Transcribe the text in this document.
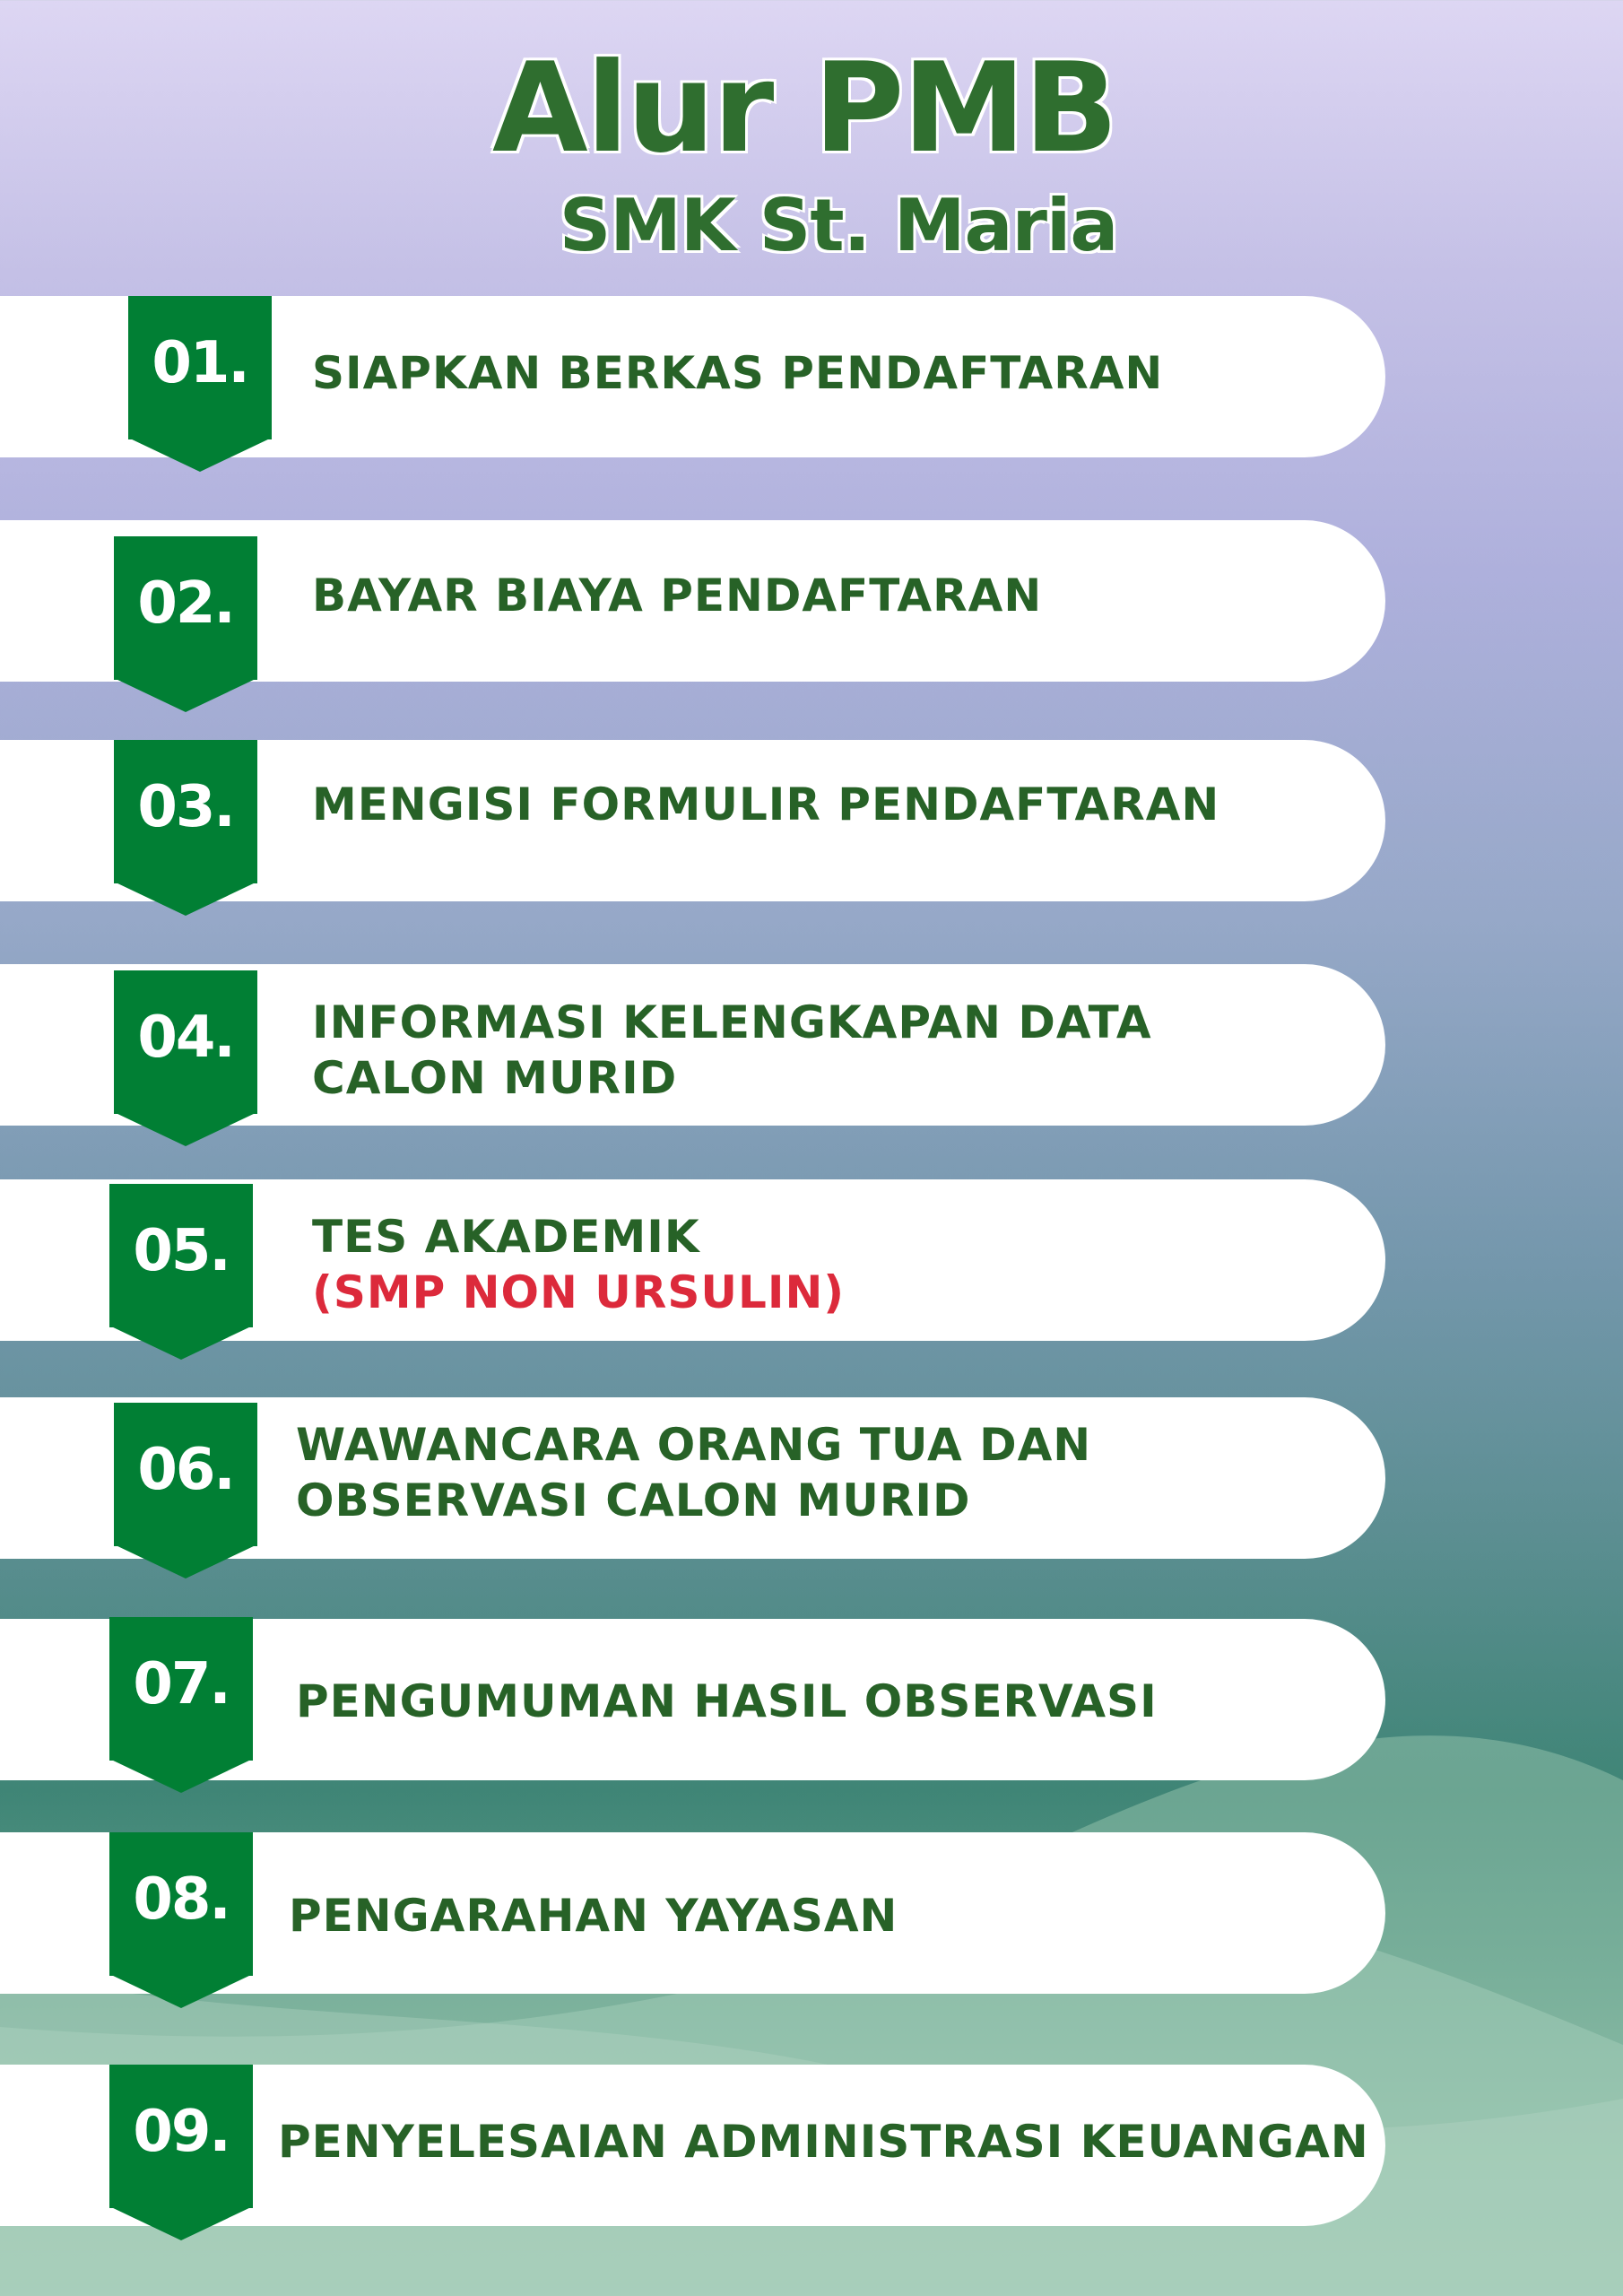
Alur PMB
SMK St. Maria
01.	SIAPKAN BERKAS PENDAFTARAN
02.	BAYAR BIAYA PENDAFTARAN
03.	MENGISI FORMULIR PENDAFTARAN
04.	INFORMASI KELENGKAPAN DATA
CALON MURID
05.	TES AKADEMIK
(SMP NON URSULIN)
06.	WAWANCARA ORANG TUA DAN
OBSERVASI CALON MURID
07.	PENGUMUMAN HASIL OBSERVASI
08.	PENGARAHAN YAYASAN
09.	PENYELESAIAN ADMINISTRASI KEUANGAN
